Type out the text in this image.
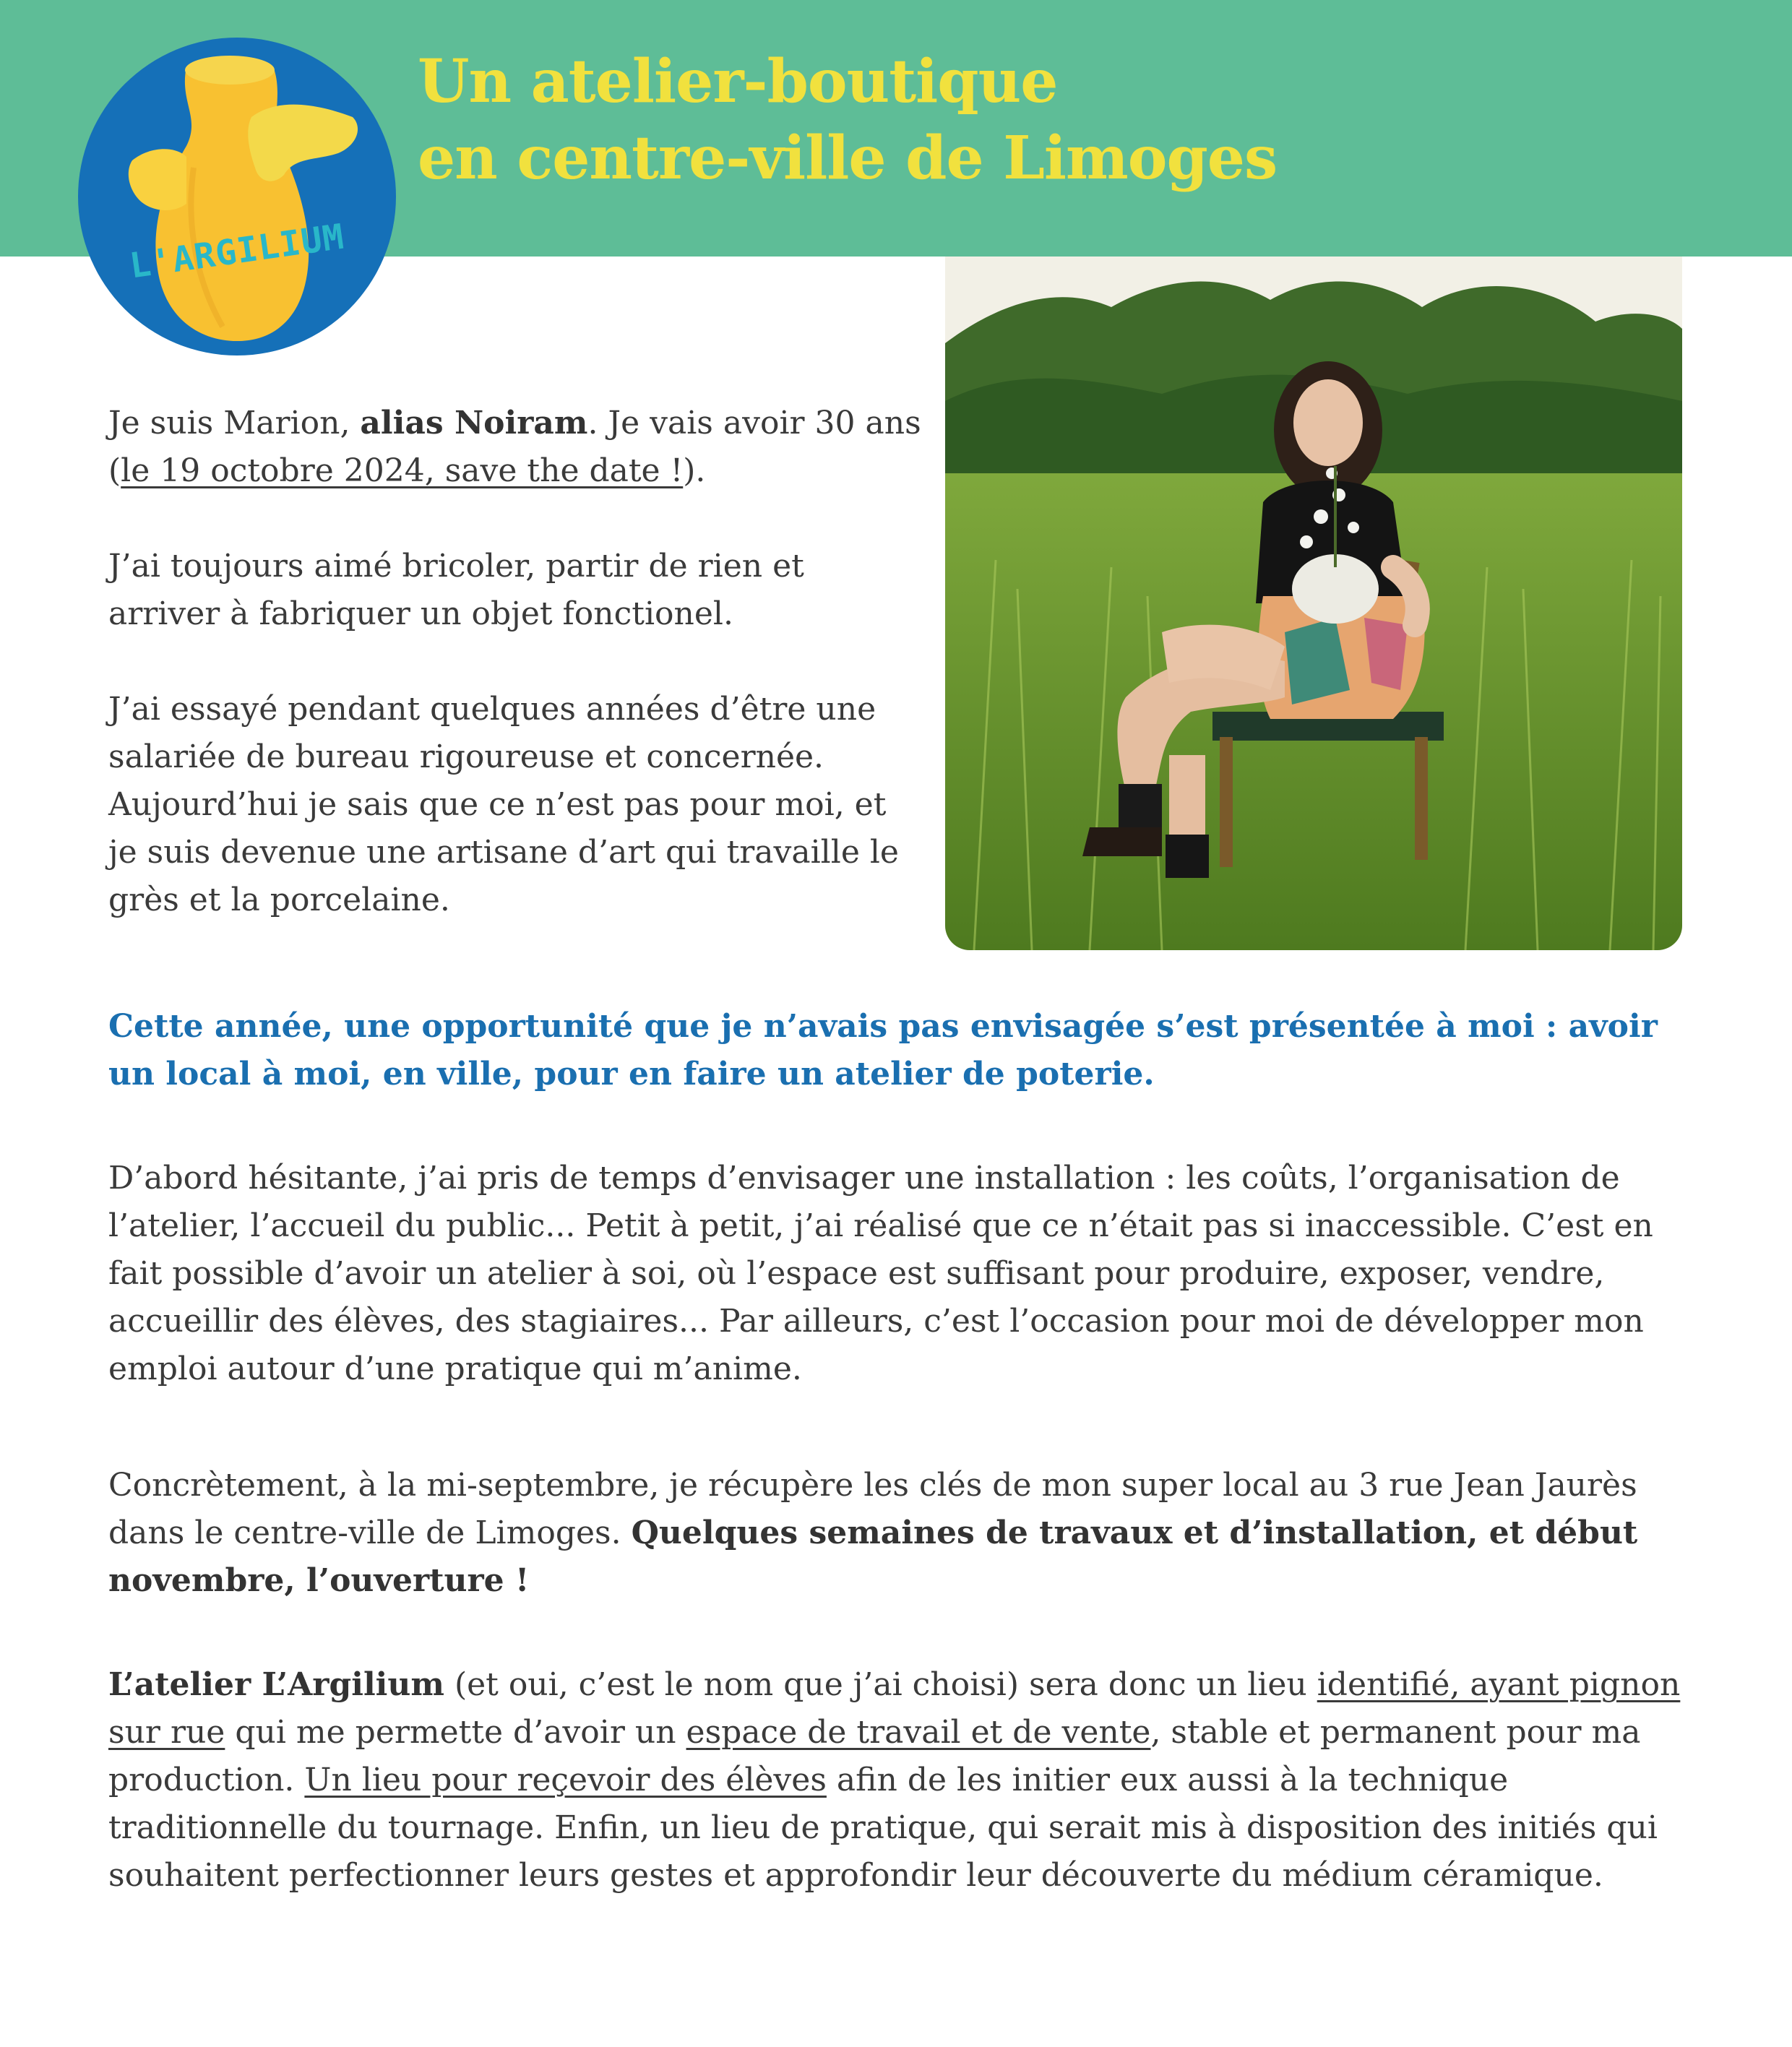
Un atelier-boutique
en centre-ville de Limoges
L'ARGILIUM

Je suis Marion, alias Noiram. Je vais avoir 30 ans (le 19 octobre 2024, save the date !).

J’ai toujours aimé bricoler, partir de rien et arriver à fabriquer un objet fonctionel.

J’ai essayé pendant quelques années d’être une salariée de bureau rigoureuse et concernée. Aujourd’hui je sais que ce n’est pas pour moi, et je suis devenue une artisane d’art qui travaille le grès et la porcelaine.

Cette année, une opportunité que je n’avais pas envisagée s’est présentée à moi : avoir un local à moi, en ville, pour en faire un atelier de poterie.

D’abord hésitante, j’ai pris de temps d’envisager une installation : les coûts, l’organisation de l’atelier, l’accueil du public... Petit à petit, j’ai réalisé que ce n’était pas si inaccessible. C’est en fait possible d’avoir un atelier à soi, où l’espace est suffisant pour produire, exposer, vendre, accueillir des élèves, des stagiaires... Par ailleurs, c’est l’occasion pour moi de développer mon emploi autour d’une pratique qui m’anime.

Concrètement, à la mi-septembre, je récupère les clés de mon super local au 3 rue Jean Jaurès dans le centre-ville de Limoges. Quelques semaines de travaux et d’installation, et début novembre, l’ouverture !

L’atelier L’Argilium (et oui, c’est le nom que j’ai choisi) sera donc un lieu identifié, ayant pignon sur rue qui me permette d’avoir un espace de travail et de vente, stable et permanent pour ma production. Un lieu pour reçevoir des élèves afin de les initier eux aussi à la technique traditionnelle du tournage. Enfin, un lieu de pratique, qui serait mis à disposition des initiés qui souhaitent perfectionner leurs gestes et approfondir leur découverte du médium céramique.
